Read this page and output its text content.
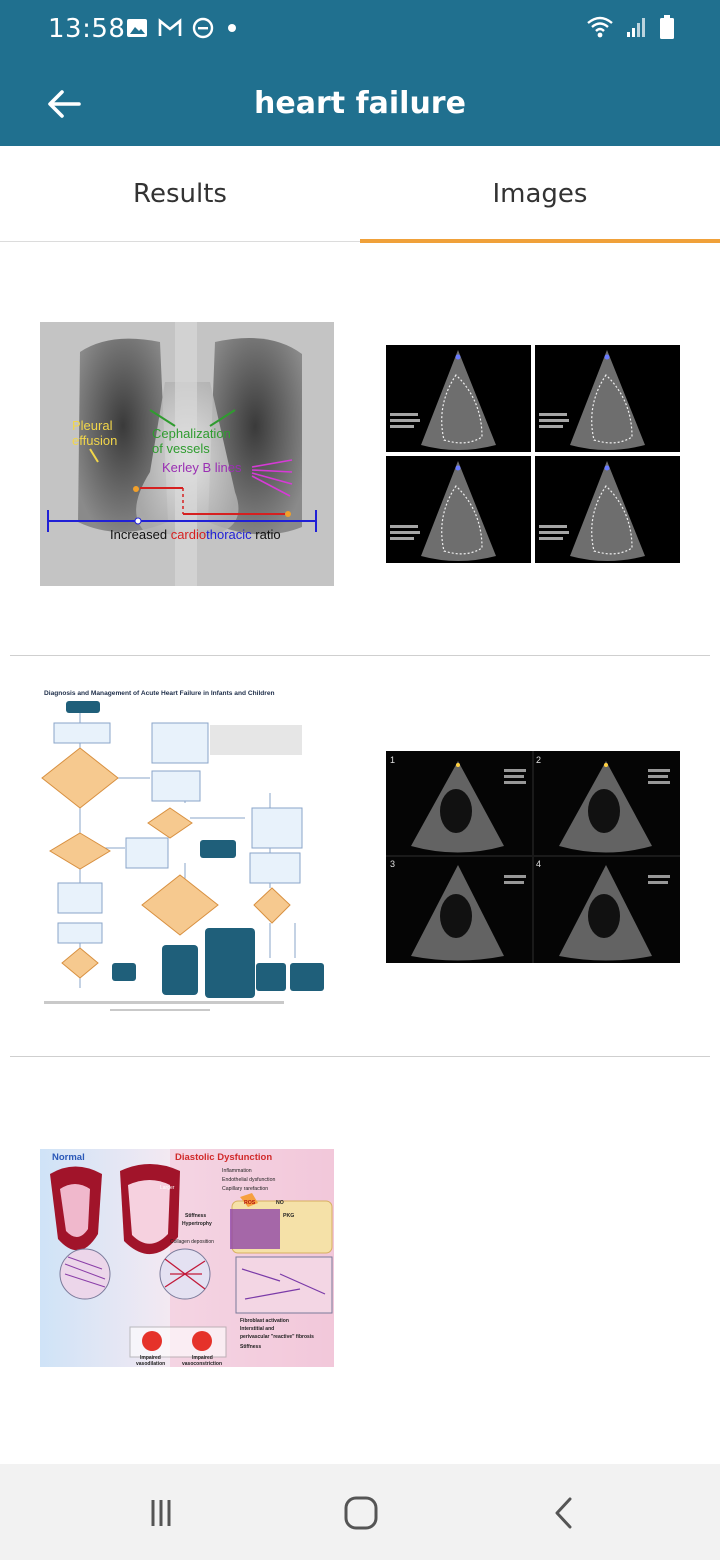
13:58
heart failure
Results	Images
Pleural
effusion	Cephalization
of vessels
Kerley B lines
Increased cardiothoracic ratio
Diagnosis and Management of Acute Heart Failure in Infants and Children
1	2
3	4
Normal	Diastolic Dysfunction
Larger
Inflammation
Endothelial dysfunction
Capillary rarefaction
ROS	NO
PKG
Stiffness
Hypertrophy
Collagen deposition
Fibroblast activation
Interstitial and
perivascular "reactive" fibrosis
Stiffness
Impaired
vasodilation
Impaired
vasoconstriction
